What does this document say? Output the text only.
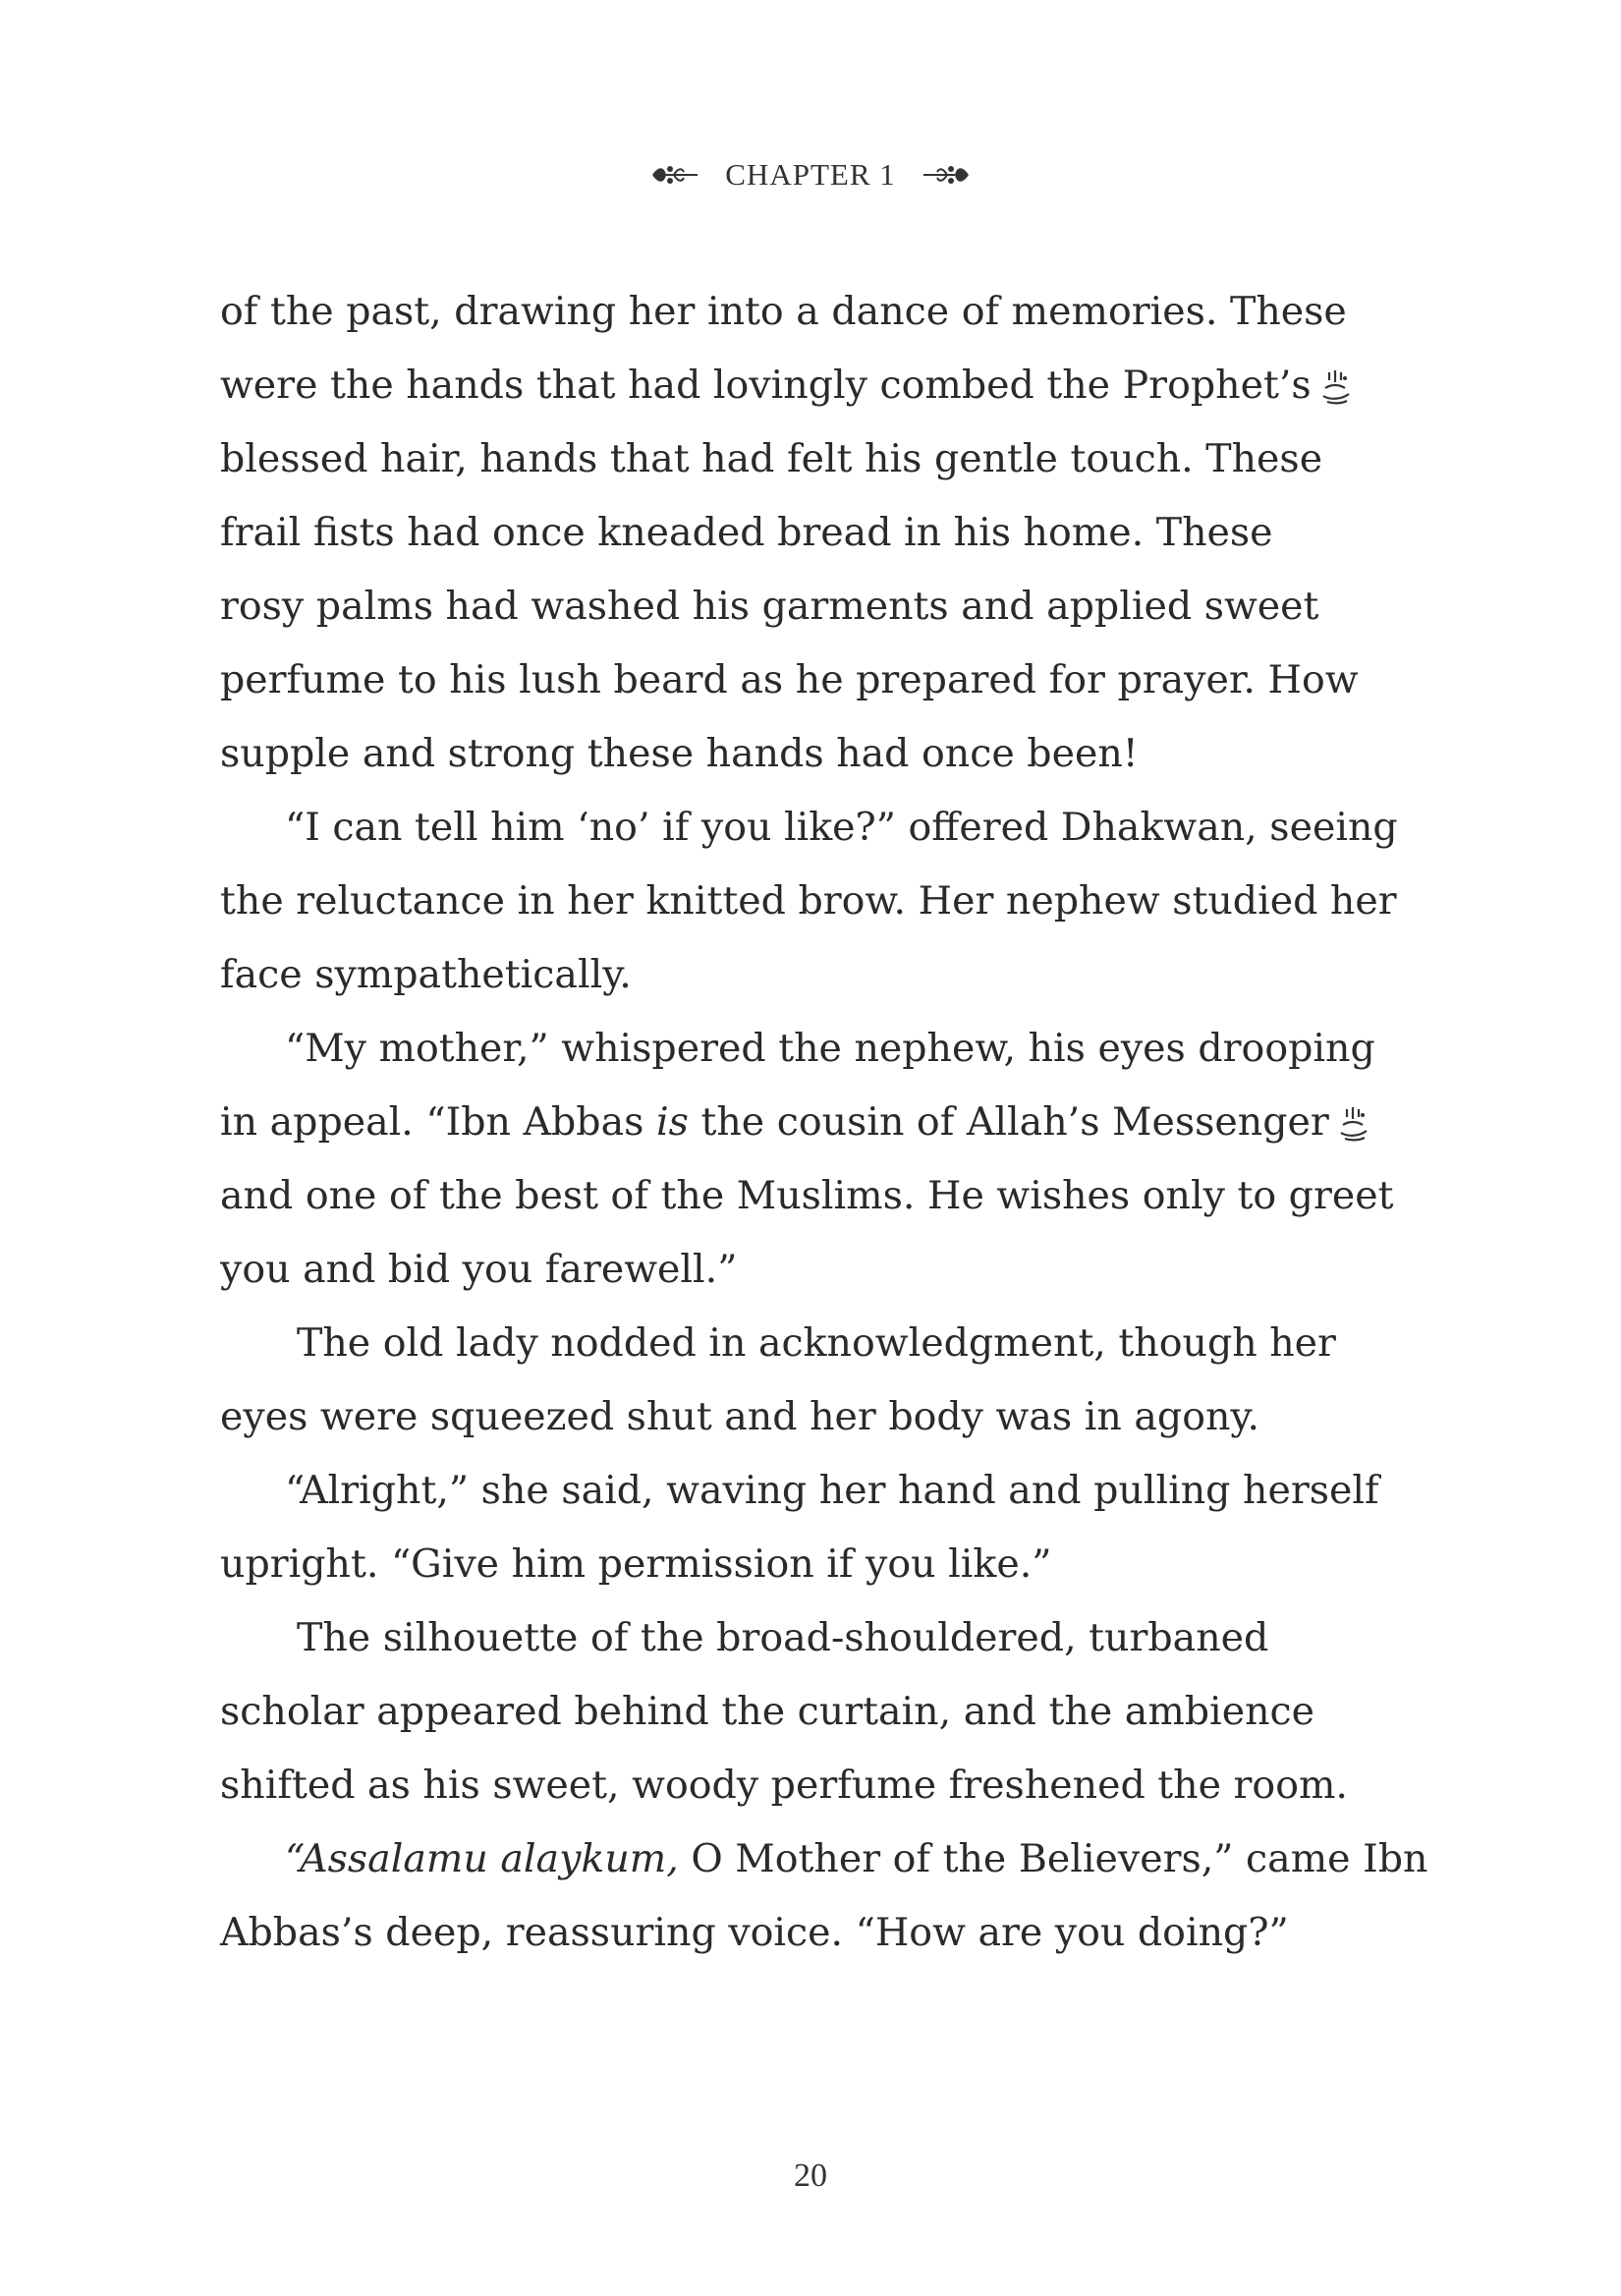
CHAPTER 1
of the past, drawing her into a dance of memories. These
were the hands that had lovingly combed the Prophet’s
blessed hair, hands that had felt his gentle touch. These
frail fists had once kneaded bread in his home. These
rosy palms had washed his garments and applied sweet
perfume to his lush beard as he prepared for prayer. How
supple and strong these hands had once been!
“I can tell him ‘no’ if you like?” offered Dhakwan, seeing
the reluctance in her knitted brow. Her nephew studied her
face sympathetically.
“My mother,” whispered the nephew, his eyes drooping
in appeal. “Ibn Abbas is the cousin of Allah’s Messenger
and one of the best of the Muslims. He wishes only to greet
you and bid you farewell.”
The old lady nodded in acknowledgment, though her
eyes were squeezed shut and her body was in agony.
“Alright,” she said, waving her hand and pulling herself
upright. “Give him permission if you like.”
The silhouette of the broad-shouldered, turbaned
scholar appeared behind the curtain, and the ambience
shifted as his sweet, woody perfume freshened the room.
“Assalamu alaykum, O Mother of the Believers,” came Ibn
Abbas’s deep, reassuring voice. “How are you doing?”
20
